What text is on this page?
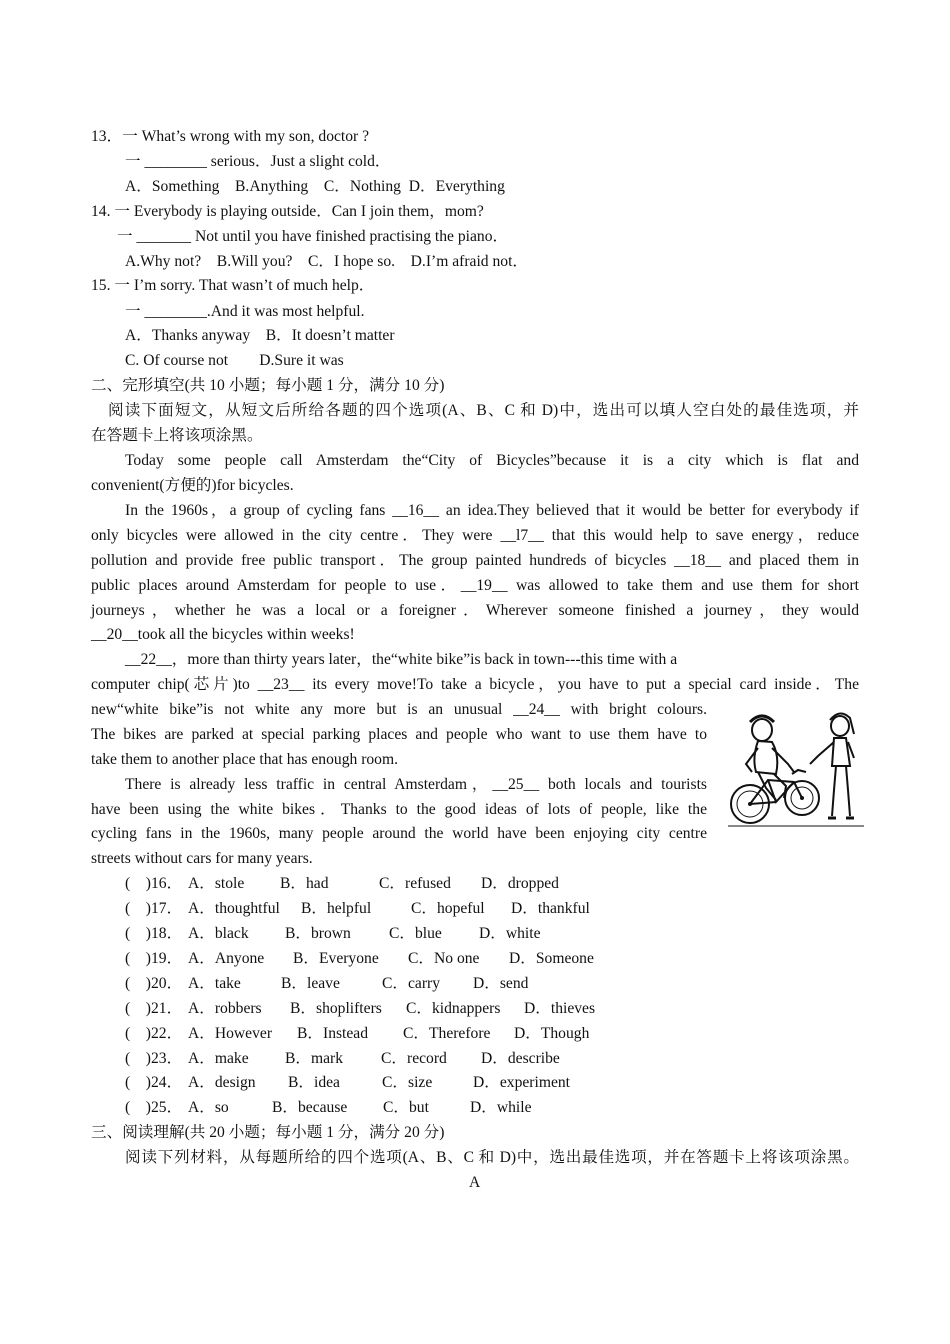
13．一 What’s wrong with my son, doctor ?
一 ________ serious．Just a slight cold．
A．Something    B.Anything    C．Nothing  D．Everything
14. 一 Everybody is playing outside．Can I join them，mom?
一 _______ Not until you have finished practising the piano．
A.Why not?    B.Will you?    C．I hope so.    D.I’m afraid not．
15. 一 I’m sorry. That wasn’t of much help．
一 ________.And it was most helpful.
A．Thanks anyway    B．It doesn’t matter
C. Of course not        D.Sure it was
二、完形填空(共 10 小题；每小题 1 分，满分 10 分)
阅读下面短文，从短文后所给各题的四个选项(A、B、C 和 D)中，选出可以填人空白处的最佳选项，并
在答题卡上将该项涂黑。
Today some people call Amsterdam the“City of Bicycles”because it is a city which is flat and
convenient(方便的)for bicycles.
In the 1960s，a group of cycling fans __16__ an idea.They believed that it would be better for everybody if
only bicycles were allowed in the city centre．They were __l7__ that this would help to save energy，reduce
pollution and provide free public transport．The group painted hundreds of bicycles __18__ and placed them in
public places around Amsterdam for people to use．__19__ was allowed to take them and use them for short
journeys，whether he was a local or a foreigner．Wherever someone finished a journey，they would
__20__took all the bicycles within weeks!
__22__，more than thirty years later，the“white bike”is back in town---this time with a
computer chip(芯片)to __23__ its every move!To take a bicycle，you have to put a special card inside．The
new“white bike”is not white any more but is an unusual __24__ with bright colours.
The bikes are parked at special parking places and people who want to use them have to
take them to another place that has enough room.
There is already less traffic in central Amsterdam，__25__ both locals and tourists
have been using the white bikes．Thanks to the good ideas of lots of people, like the
cycling fans in the 1960s, many people around the world have been enjoying city centre
streets without cars for many years.
(    )16． A．stole B．had	C．refused D．dropped
(    )17． A．thoughtful B．helpful	C．hopeful D．thankful
(    )18． A．black B．brown C．blue D．white
(    )19． A．Anyone B．Everyone C．No one D．Someone
(    )20． A．take	B．leave	C．carry D．send
(    )21． A．robbers B．shoplifters C．kidnappers D．thieves
(    )22． A．However B．Instead C．Therefore D．Though
(    )23． A．make B．mark C．record D．describe
(    )24． A．design B．idea	C．size	D．experiment
(    )25． A．so	B．because C．but	D．while
三、阅读理解(共 20 小题；每小题 1 分，满分 20 分)
阅读下列材料，从每题所给的四个选项(A、B、C 和 D)中，选出最佳选项，并在答题卡上将该项涂黑。
A
